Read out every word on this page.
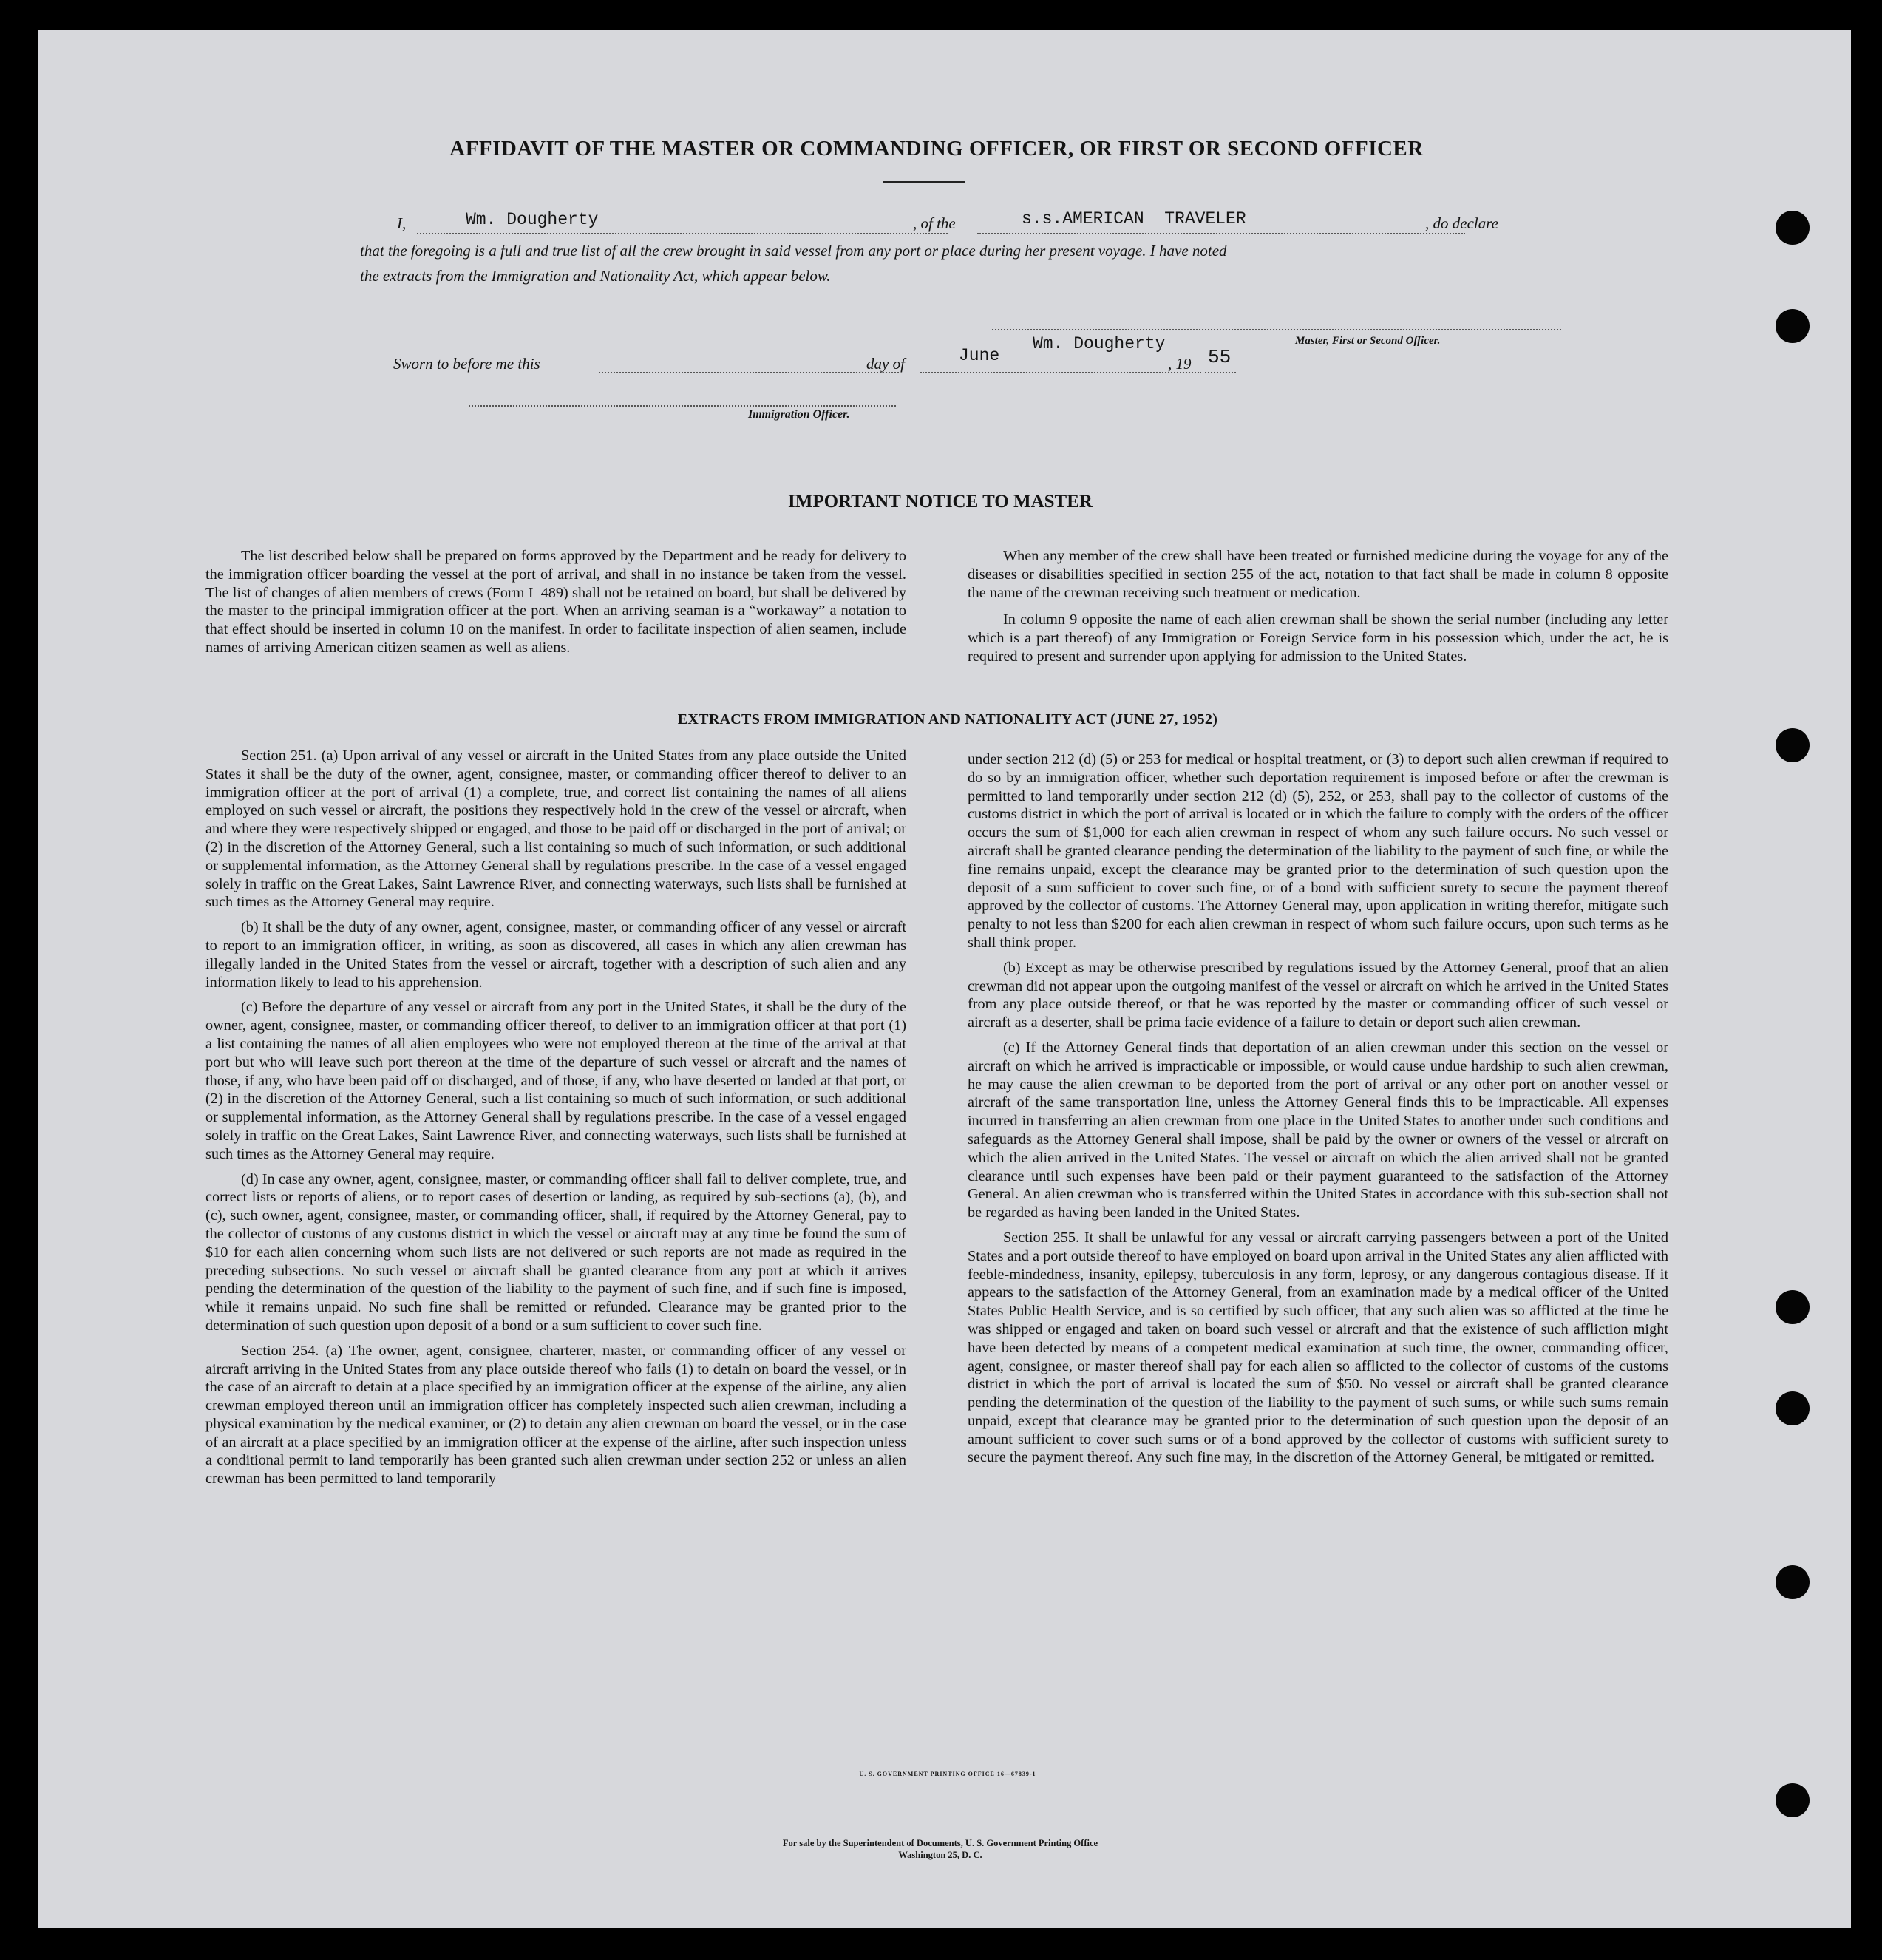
AFFIDAVIT OF THE MASTER OR COMMANDING OFFICER, OR FIRST OR SECOND OFFICER
I,	Wm. Dougherty	, of the	s.s.AMERICAN  TRAVELER	, do declare
that the foregoing is a full and true list of all the crew brought in said vessel from any port or place during her present voyage. I have noted
the extracts from the Immigration and Nationality Act, which appear below.
Wm. Dougherty	Master, First or Second Officer.
Sworn to before me this	day of	June	, 19 55
Immigration Officer.
IMPORTANT NOTICE TO MASTER

The list described below shall be prepared on forms approved by the Department and be ready for delivery to the immigration officer boarding the vessel at the port of arrival, and shall in no instance be taken from the vessel. The list of changes of alien members of crews (Form I–489) shall not be retained on board, but shall be delivered by the master to the principal immigration officer at the port. When an arriving seaman is a “workaway” a notation to that effect should be inserted in column 10 on the manifest. In order to facilitate inspection of alien seamen, include names of arriving American citizen seamen as well as aliens.

When any member of the crew shall have been treated or furnished medicine during the voyage for any of the diseases or disabilities specified in section 255 of the act, notation to that fact shall be made in column 8 opposite the name of the crewman receiving such treatment or medication.

In column 9 opposite the name of each alien crewman shall be shown the serial number (including any letter which is a part thereof) of any Immigration or Foreign Service form in his possession which, under the act, he is required to present and surrender upon applying for admission to the United States.

EXTRACTS FROM IMMIGRATION AND NATIONALITY ACT (JUNE 27, 1952)

Section 251. (a) Upon arrival of any vessel or aircraft in the United States from any place outside the United States it shall be the duty of the owner, agent, consignee, master, or commanding officer thereof to deliver to an immigration officer at the port of arrival (1) a complete, true, and correct list containing the names of all aliens employed on such vessel or aircraft, the positions they respectively hold in the crew of the vessel or aircraft, when and where they were respectively shipped or engaged, and those to be paid off or discharged in the port of arrival; or (2) in the discretion of the Attorney General, such a list containing so much of such information, or such additional or supplemental information, as the Attorney General shall by regulations prescribe. In the case of a vessel engaged solely in traffic on the Great Lakes, Saint Lawrence River, and connecting waterways, such lists shall be furnished at such times as the Attorney General may require.

(b) It shall be the duty of any owner, agent, consignee, master, or commanding officer of any vessel or aircraft to report to an immigration officer, in writing, as soon as discovered, all cases in which any alien crewman has illegally landed in the United States from the vessel or aircraft, together with a description of such alien and any information likely to lead to his apprehension.

(c) Before the departure of any vessel or aircraft from any port in the United States, it shall be the duty of the owner, agent, consignee, master, or commanding officer thereof, to deliver to an immigration officer at that port (1) a list containing the names of all alien employees who were not employed thereon at the time of the arrival at that port but who will leave such port thereon at the time of the departure of such vessel or aircraft and the names of those, if any, who have been paid off or discharged, and of those, if any, who have deserted or landed at that port, or (2) in the discretion of the Attorney General, such a list containing so much of such information, or such additional or supplemental information, as the Attorney General shall by regulations prescribe. In the case of a vessel engaged solely in traffic on the Great Lakes, Saint Lawrence River, and connecting waterways, such lists shall be furnished at such times as the Attorney General may require.

(d) In case any owner, agent, consignee, master, or commanding officer shall fail to deliver complete, true, and correct lists or reports of aliens, or to report cases of desertion or landing, as required by sub-sections (a), (b), and (c), such owner, agent, consignee, master, or commanding officer, shall, if required by the Attorney General, pay to the collector of customs of any customs district in which the vessel or aircraft may at any time be found the sum of $10 for each alien concerning whom such lists are not delivered or such reports are not made as required in the preceding subsections. No such vessel or aircraft shall be granted clearance from any port at which it arrives pending the determination of the question of the liability to the payment of such fine, and if such fine is imposed, while it remains unpaid. No such fine shall be remitted or refunded. Clearance may be granted prior to the determination of such question upon deposit of a bond or a sum sufficient to cover such fine.

Section 254. (a) The owner, agent, consignee, charterer, master, or commanding officer of any vessel or aircraft arriving in the United States from any place outside thereof who fails (1) to detain on board the vessel, or in the case of an aircraft to detain at a place specified by an immigration officer at the expense of the airline, any alien crewman employed thereon until an immigration officer has completely inspected such alien crewman, including a physical examination by the medical examiner, or (2) to detain any alien crewman on board the vessel, or in the case of an aircraft at a place specified by an immigration officer at the expense of the airline, after such inspection unless a conditional permit to land temporarily has been granted such alien crewman under section 252 or unless an alien crewman has been permitted to land temporarily

under section 212 (d) (5) or 253 for medical or hospital treatment, or (3) to deport such alien crewman if required to do so by an immigration officer, whether such deportation requirement is imposed before or after the crewman is permitted to land temporarily under section 212 (d) (5), 252, or 253, shall pay to the collector of customs of the customs district in which the port of arrival is located or in which the failure to comply with the orders of the officer occurs the sum of $1,000 for each alien crewman in respect of whom any such failure occurs. No such vessel or aircraft shall be granted clearance pending the determination of the liability to the payment of such fine, or while the fine remains unpaid, except the clearance may be granted prior to the determination of such question upon the deposit of a sum sufficient to cover such fine, or of a bond with sufficient surety to secure the payment thereof approved by the collector of customs. The Attorney General may, upon application in writing therefor, mitigate such penalty to not less than $200 for each alien crewman in respect of whom such failure occurs, upon such terms as he shall think proper.

(b) Except as may be otherwise prescribed by regulations issued by the Attorney General, proof that an alien crewman did not appear upon the outgoing manifest of the vessel or aircraft on which he arrived in the United States from any place outside thereof, or that he was reported by the master or commanding officer of such vessel or aircraft as a deserter, shall be prima facie evidence of a failure to detain or deport such alien crewman.

(c) If the Attorney General finds that deportation of an alien crewman under this section on the vessel or aircraft on which he arrived is impracticable or impossible, or would cause undue hardship to such alien crewman, he may cause the alien crewman to be deported from the port of arrival or any other port on another vessel or aircraft of the same transportation line, unless the Attorney General finds this to be impracticable. All expenses incurred in transferring an alien crewman from one place in the United States to another under such conditions and safeguards as the Attorney General shall impose, shall be paid by the owner or owners of the vessel or aircraft on which the alien arrived in the United States. The vessel or aircraft on which the alien arrived shall not be granted clearance until such expenses have been paid or their payment guaranteed to the satisfaction of the Attorney General. An alien crewman who is transferred within the United States in accordance with this sub-section shall not be regarded as having been landed in the United States.

Section 255. It shall be unlawful for any vessal or aircraft carrying passengers between a port of the United States and a port outside thereof to have employed on board upon arrival in the United States any alien afflicted with feeble-mindedness, insanity, epilepsy, tuberculosis in any form, leprosy, or any dangerous contagious disease. If it appears to the satisfaction of the Attorney General, from an examination made by a medical officer of the United States Public Health Service, and is so certified by such officer, that any such alien was so afflicted at the time he was shipped or engaged and taken on board such vessel or aircraft and that the existence of such affliction might have been detected by means of a competent medical examination at such time, the owner, commanding officer, agent, consignee, or master thereof shall pay for each alien so afflicted to the collector of customs of the customs district in which the port of arrival is located the sum of $50. No vessel or aircraft shall be granted clearance pending the determination of the question of the liability to the payment of such sums, or while such sums remain unpaid, except that clearance may be granted prior to the determination of such question upon the deposit of an amount sufficient to cover such sums or of a bond approved by the collector of customs with sufficient surety to secure the payment thereof. Any such fine may, in the discretion of the Attorney General, be mitigated or remitted.

U. S. GOVERNMENT PRINTING OFFICE 16—67839-1
For sale by the Superintendent of Documents, U. S. Government Printing Office
Washington 25, D. C.
